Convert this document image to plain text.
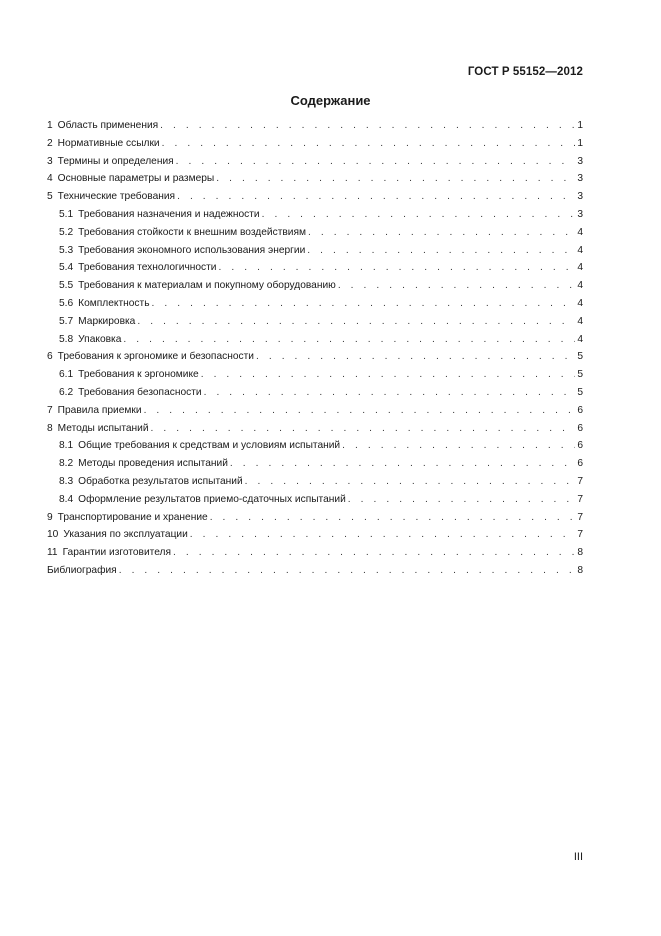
ГОСТ Р 55152—2012
Содержание
1 Область применения . . .	1
2 Нормативные ссылки . . .	1
3 Термины и определения . . .	3
4 Основные параметры и размеры . . .	3
5 Технические требования . . .	3
5.1 Требования назначения и надежности . . .	3
5.2 Требования стойкости к внешним воздействиям . . .	4
5.3 Требования экономного использования энергии . . .	4
5.4 Требования технологичности . . .	4
5.5 Требования к материалам и покупному оборудованию . . .	4
5.6 Комплектность . . .	4
5.7 Маркировка . . .	4
5.8 Упаковка . . .	4
6 Требования к эргономике и безопасности . . .	5
6.1 Требования к эргономике . . .	5
6.2 Требования безопасности . . .	5
7 Правила приемки . . .	6
8 Методы испытаний . . .	6
8.1 Общие требования к средствам и условиям испытаний . . .	6
8.2 Методы проведения испытаний . . .	6
8.3 Обработка результатов испытаний . . .	7
8.4 Оформление результатов приемо-сдаточных испытаний . . .	7
9 Транспортирование и хранение . . .	7
10 Указания по эксплуатации . . .	7
11 Гарантии изготовителя . . .	8
Библиография . . .	8
III
